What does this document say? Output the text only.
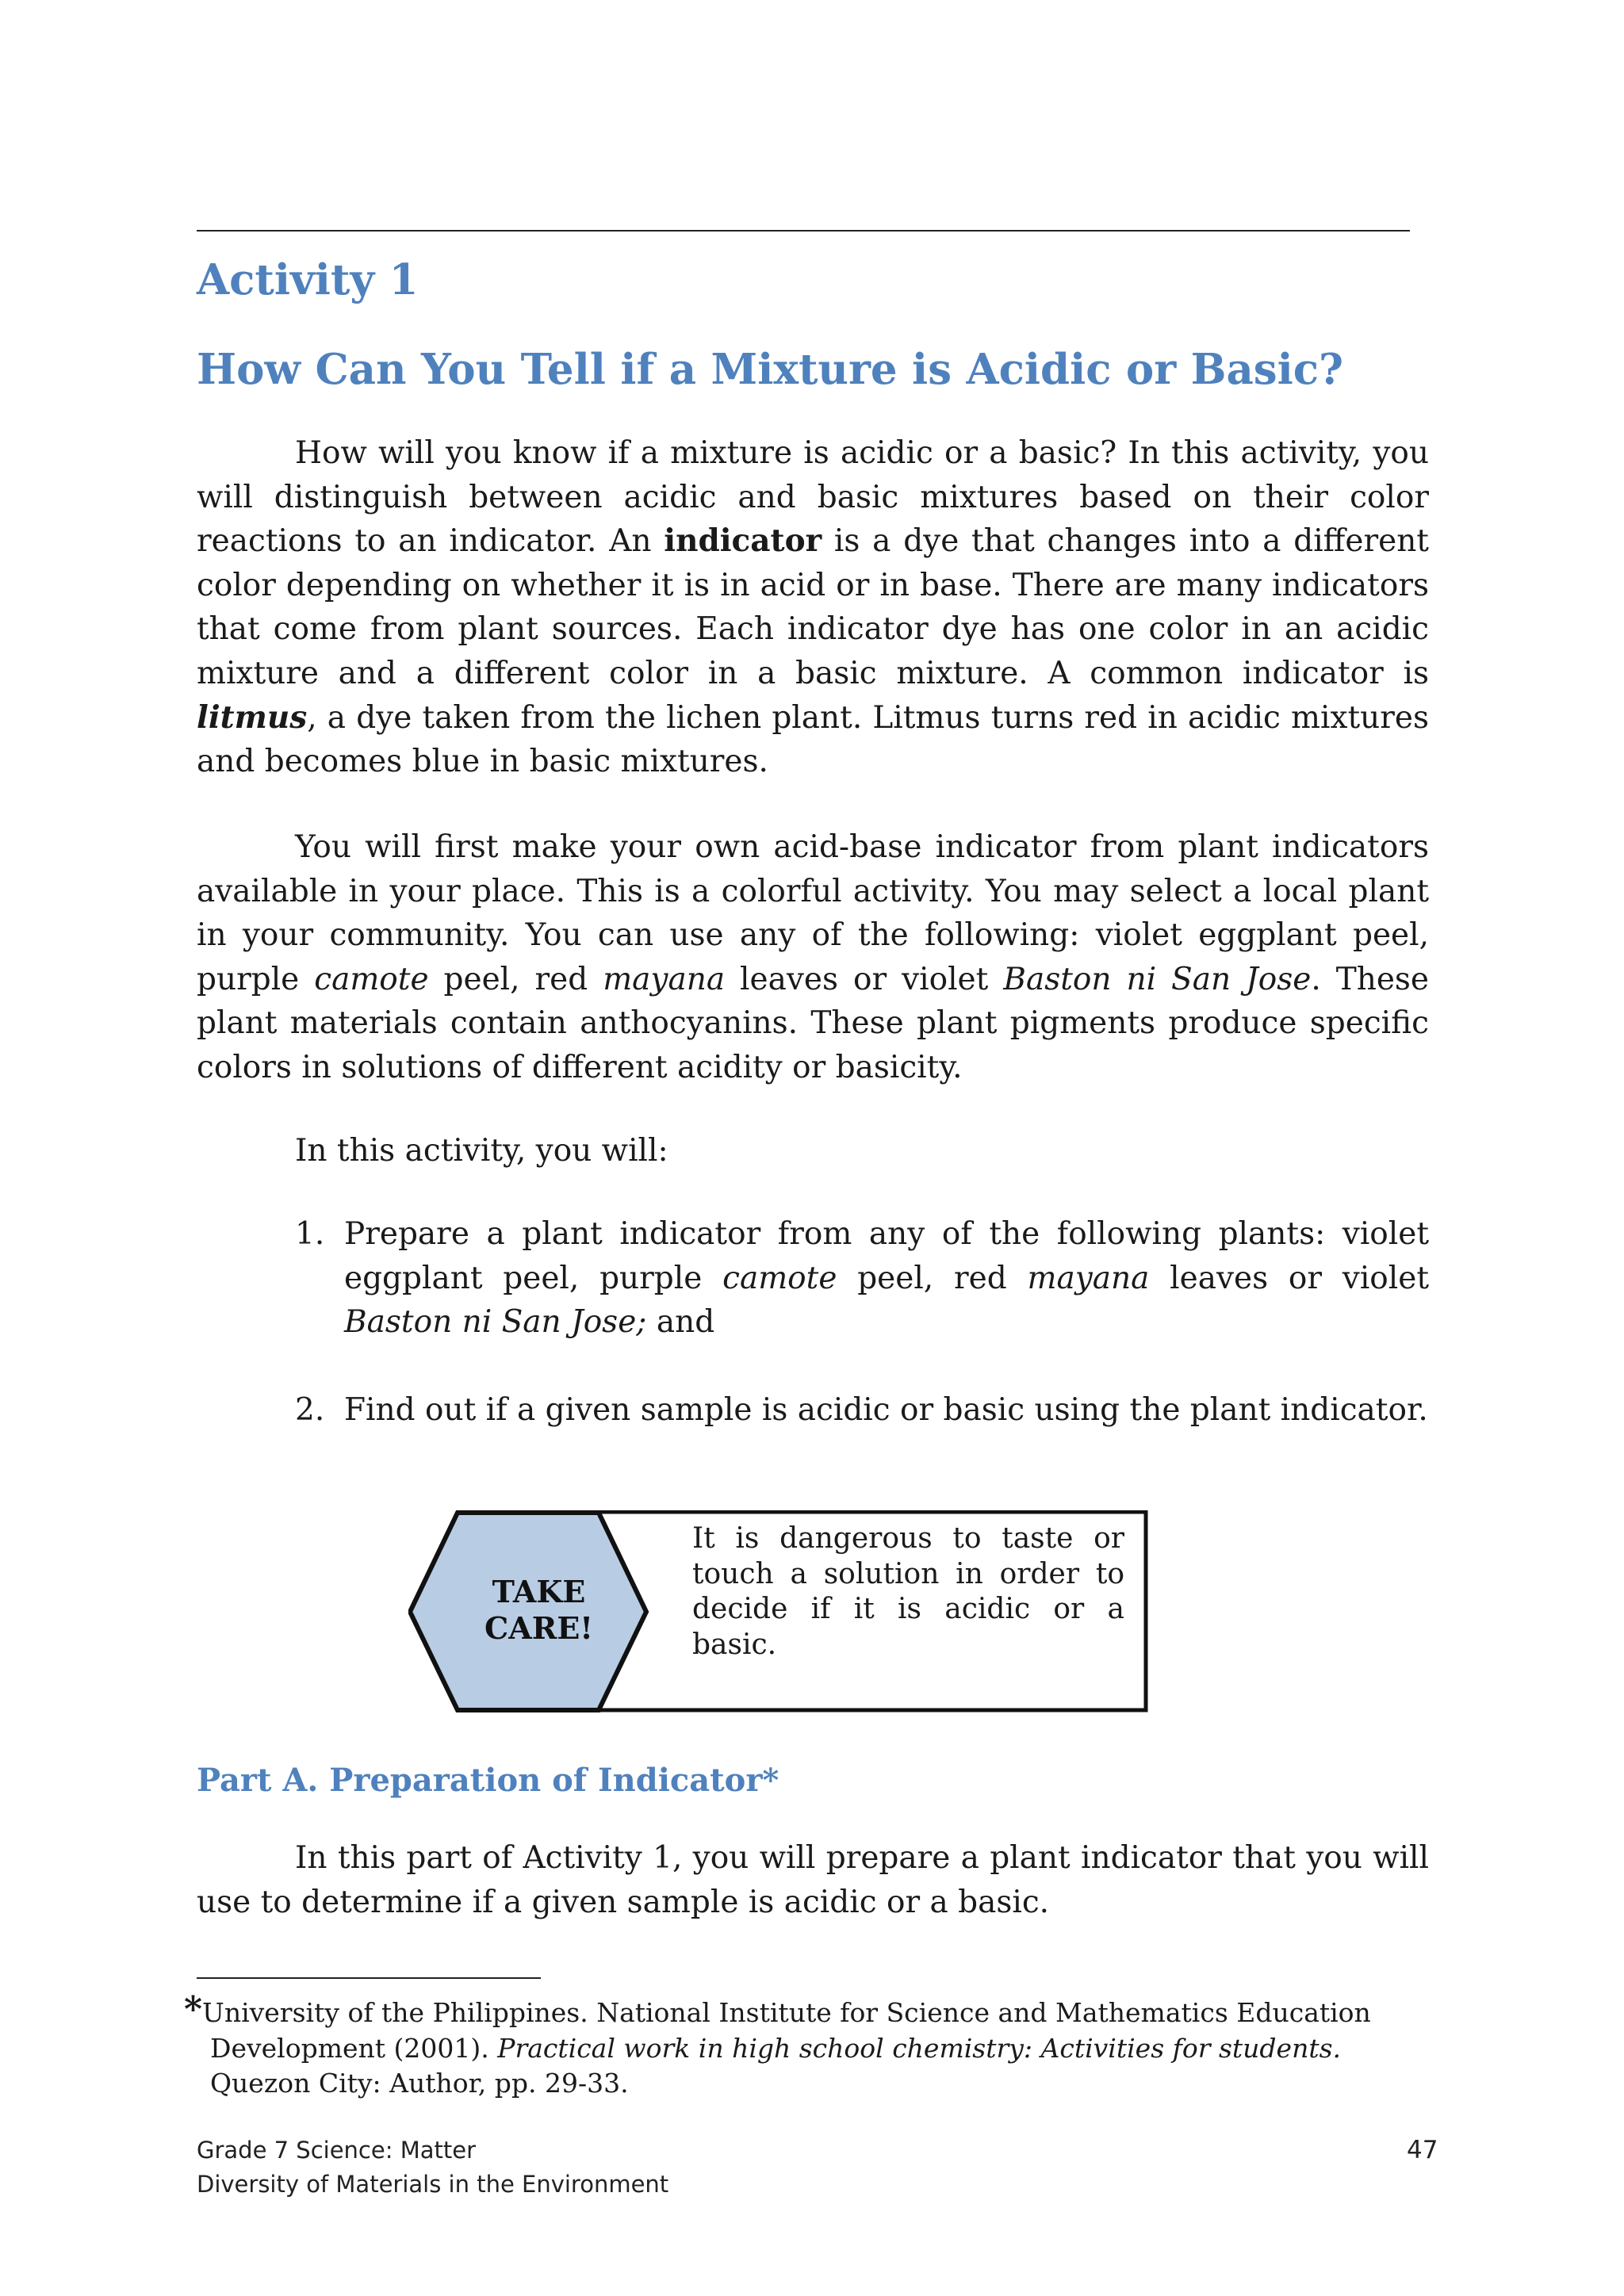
Activity 1
How Can You Tell if a Mixture is Acidic or Basic?

How will you know if a mixture is acidic or a basic? In this activity, you will distinguish between acidic and basic mixtures based on their color reactions to an indicator. An indicator is a dye that changes into a different color depending on whether it is in acid or in base. There are many indicators that come from plant sources. Each indicator dye has one color in an acidic mixture and a different color in a basic mixture. A common indicator is litmus, a dye taken from the lichen plant. Litmus turns red in acidic mixtures and becomes blue in basic mixtures.

You will first make your own acid-base indicator from plant indicators available in your place. This is a colorful activity. You may select a local plant in your community. You can use any of the following: violet eggplant peel, purple camote peel, red mayana leaves or violet Baston ni San Jose. These plant materials contain anthocyanins. These plant pigments produce specific colors in solutions of different acidity or basicity.

In this activity, you will:

1. Prepare a plant indicator from any of the following plants: violet eggplant peel, purple camote peel, red mayana leaves or violet Baston ni San Jose; and
2. Find out if a given sample is acidic or basic using the plant indicator.
TAKE
CARE!
It is dangerous to taste or touch a solution in order to decide if it is acidic or a basic.
Part A. Preparation of Indicator*

In this part of Activity 1, you will prepare a plant indicator that you will use to determine if a given sample is acidic or a basic.

*University of the Philippines. National Institute for Science and Mathematics Education
Development (2001). Practical work in high school chemistry: Activities for students.
Quezon City: Author, pp. 29-33.

Grade 7 Science: Matter
Diversity of Materials in the Environment
47
